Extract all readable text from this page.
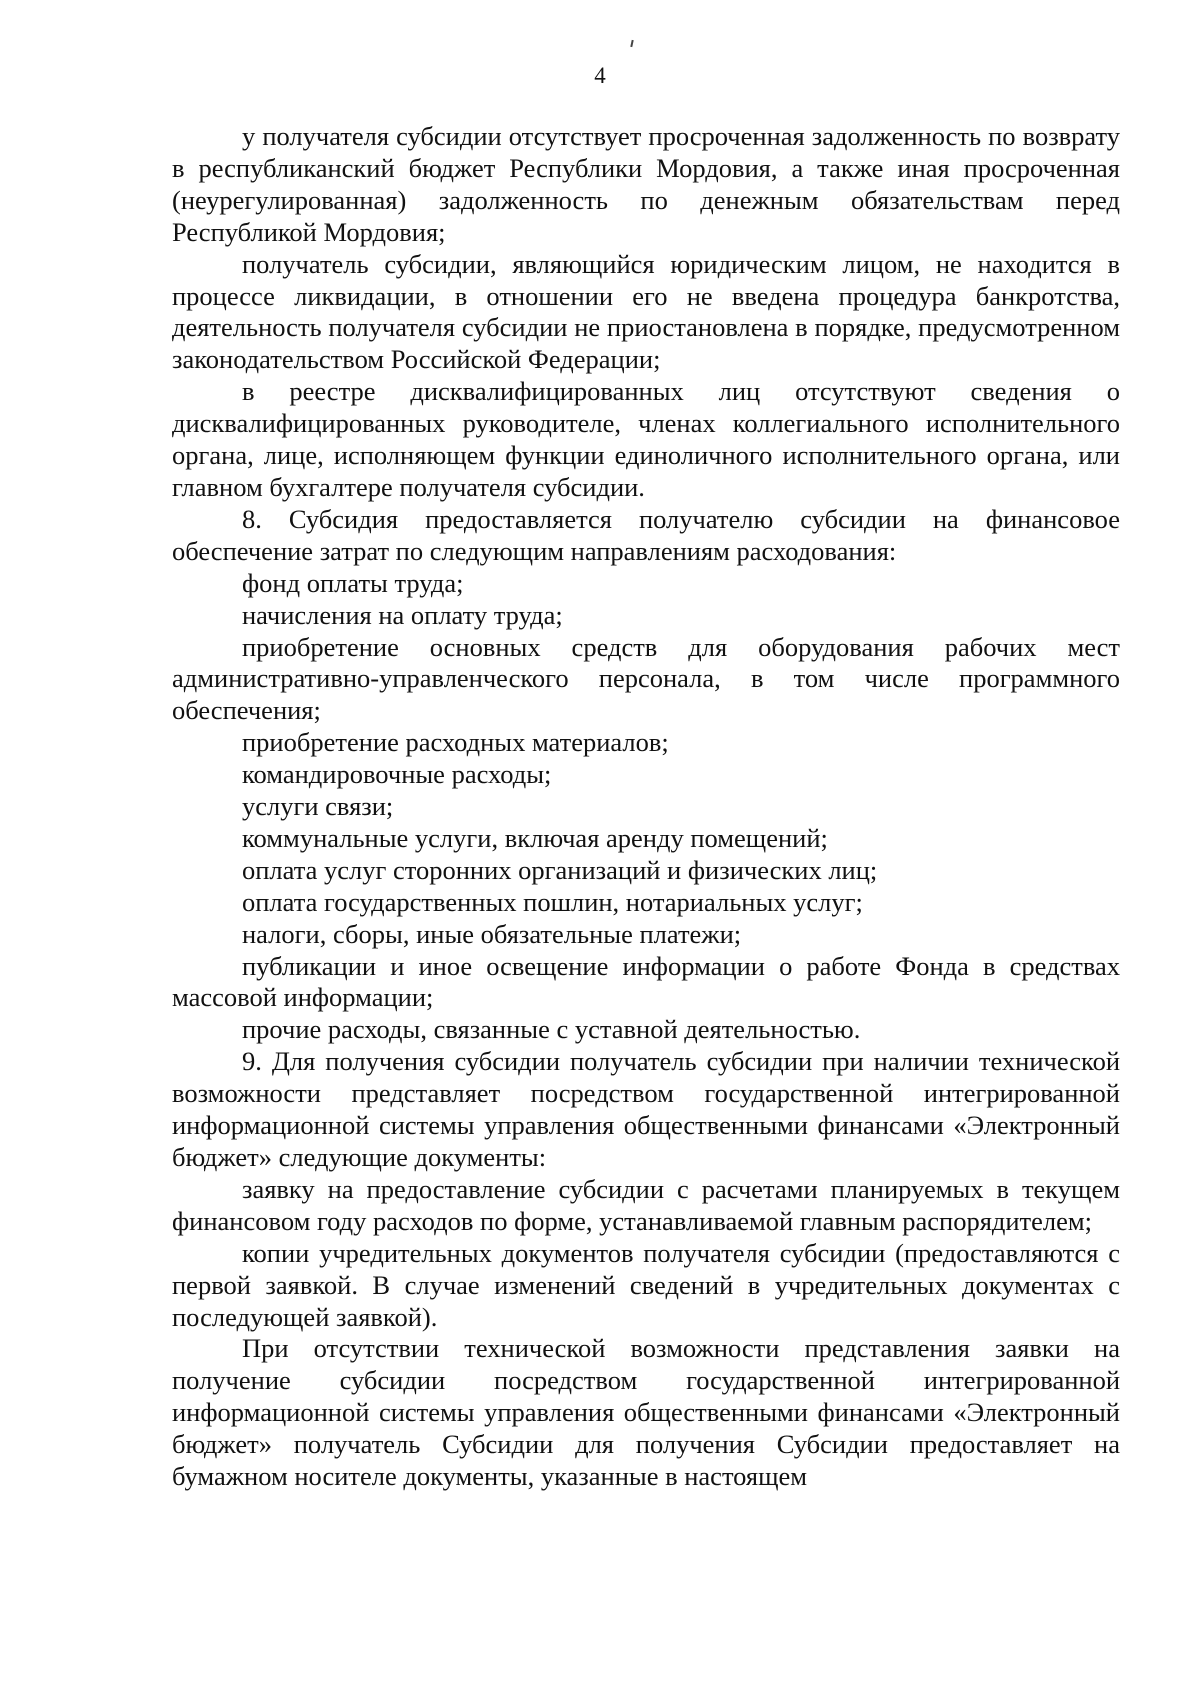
4

у получателя субсидии отсутствует просроченная задолженность по возврату в республиканский бюджет Республики Мордовия, а также иная просроченная (неурегулированная) задолженность по денежным обязательствам перед Республикой Мордовия;

получатель субсидии, являющийся юридическим лицом, не находится в процессе ликвидации, в отношении его не введена процедура банкротства, деятельность получателя субсидии не приостановлена в порядке, предусмотренном законодательством Российской Федерации;

в реестре дисквалифицированных лиц отсутствуют сведения о дисквалифицированных руководителе, членах коллегиального исполнительного органа, лице, исполняющем функции единоличного исполнительного органа, или главном бухгалтере получателя субсидии.

8. Субсидия предоставляется получателю субсидии на финансовое обеспечение затрат по следующим направлениям расходования:

фонд оплаты труда;

начисления на оплату труда;

приобретение основных средств для оборудования рабочих мест административно-управленческого персонала, в том числе программного обеспечения;

приобретение расходных материалов;

командировочные расходы;

услуги связи;

коммунальные услуги, включая аренду помещений;

оплата услуг сторонних организаций и физических лиц;

оплата государственных пошлин, нотариальных услуг;

налоги, сборы, иные обязательные платежи;

публикации и иное освещение информации о работе Фонда в средствах массовой информации;

прочие расходы, связанные с уставной деятельностью.

9. Для получения субсидии получатель субсидии при наличии технической возможности представляет посредством государственной интегрированной информационной системы управления общественными финансами «Электронный бюджет» следующие документы:

заявку на предоставление субсидии с расчетами планируемых в текущем финансовом году расходов по форме, устанавливаемой главным распорядителем;

копии учредительных документов получателя субсидии (предоставляются с первой заявкой. В случае изменений сведений в учредительных документах с последующей заявкой).

При отсутствии технической возможности представления заявки на получение субсидии посредством государственной интегрированной информационной системы управления общественными финансами «Электронный бюджет» получатель Субсидии для получения Субсидии предоставляет на бумажном носителе документы, указанные в настоящем
